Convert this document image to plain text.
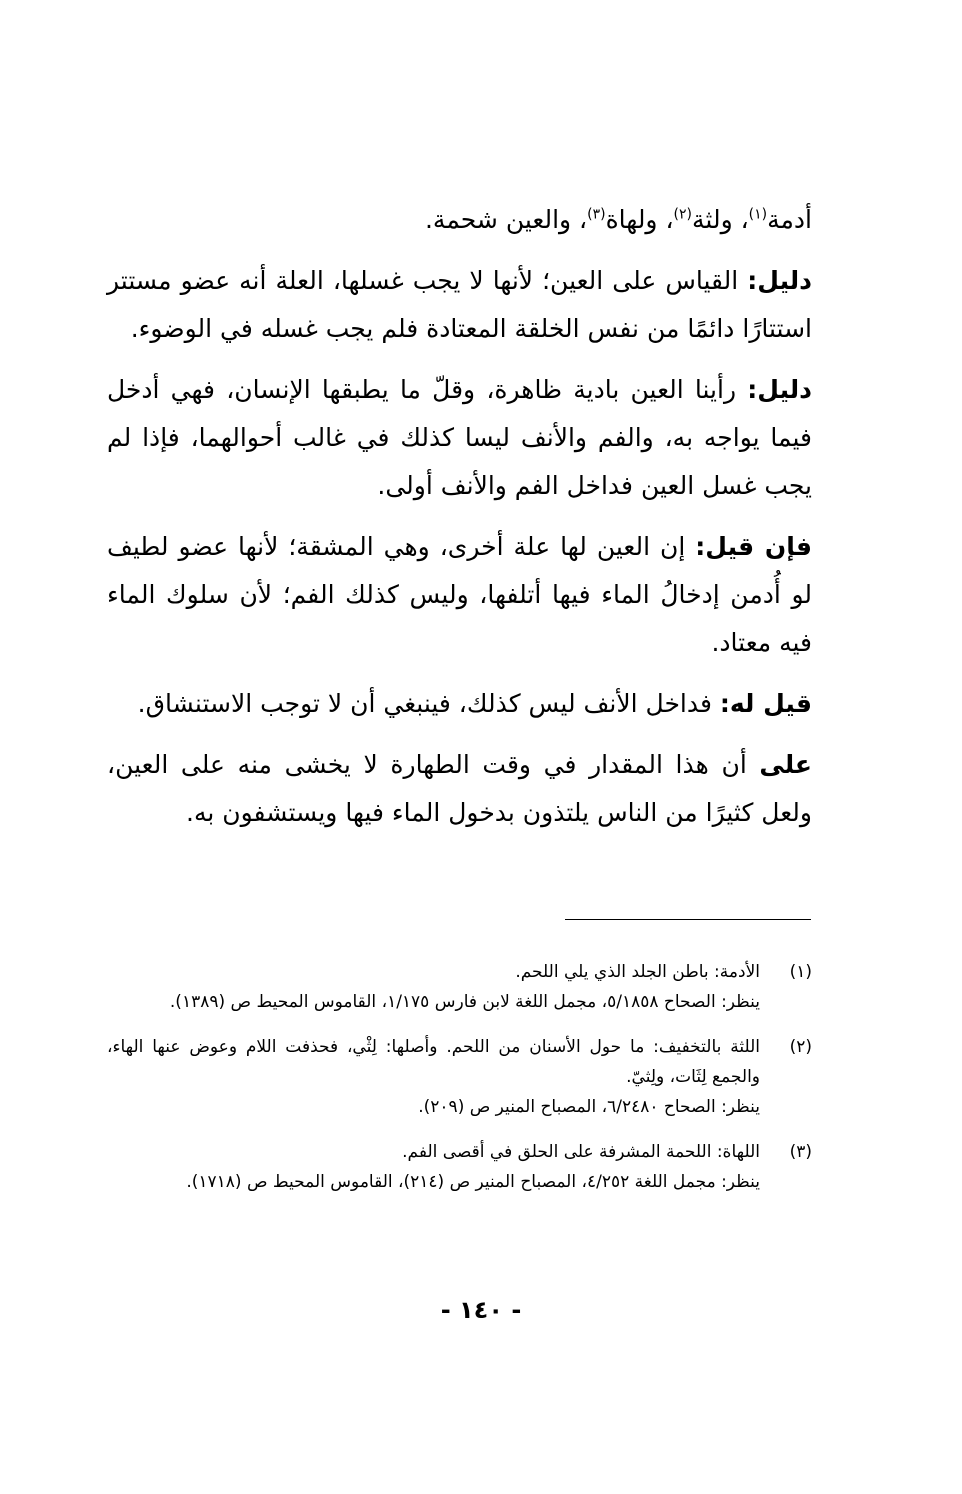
أدمة$^{(١)}$، ولثة$^{(٢)}$، ولهاة$^{(٣)}$، والعين شحمة.

دليل: القياس على العين؛ لأنها لا يجب غسلها، العلة أنه عضو مستتر استتارًا دائمًا من نفس الخلقة المعتادة فلم يجب غسله في الوضوء.

دليل: رأينا العين بادية ظاهرة، وقلّ ما يطبقها الإنسان، فهي أدخل فيما يواجه به، والفم والأنف ليسا كذلك في غالب أحوالهما، فإذا لم يجب غسل العين فداخل الفم والأنف أولى.

فإن قيل: إن العين لها علة أخرى، وهي المشقة؛ لأنها عضو لطيف لو أُدمن إدخالُ الماء فيها أتلفها، وليس كذلك الفم؛ لأن سلوك الماء فيه معتاد.

قيل له: فداخل الأنف ليس كذلك، فينبغي أن لا توجب الاستنشاق.

على أن هذا المقدار في وقت الطهارة لا يخشى منه على العين، ولعل كثيرًا من الناس يلتذون بدخول الماء فيها ويستشفون به.

(١)
الأدمة: باطن الجلد الذي يلي اللحم.
ينظر: الصحاح ٥/١٨٥٨، مجمل اللغة لابن فارس ١/١٧٥، القاموس المحيط ص (١٣٨٩).
(٢)
اللثة بالتخفيف: ما حول الأسنان من اللحم. وأصلها: لِثْي، فحذفت اللام وعوض عنها الهاء، والجمع لِثَات، ولِثيّ.
ينظر: الصحاح ٦/٢٤٨٠، المصباح المنير ص (٢٠٩).
(٣)
اللهاة: اللحمة المشرفة على الحلق في أقصى الفم.
ينظر: مجمل اللغة ٤/٢٥٢، المصباح المنير ص (٢١٤)، القاموس المحيط ص (١٧١٨).
- ١٤٠ -
